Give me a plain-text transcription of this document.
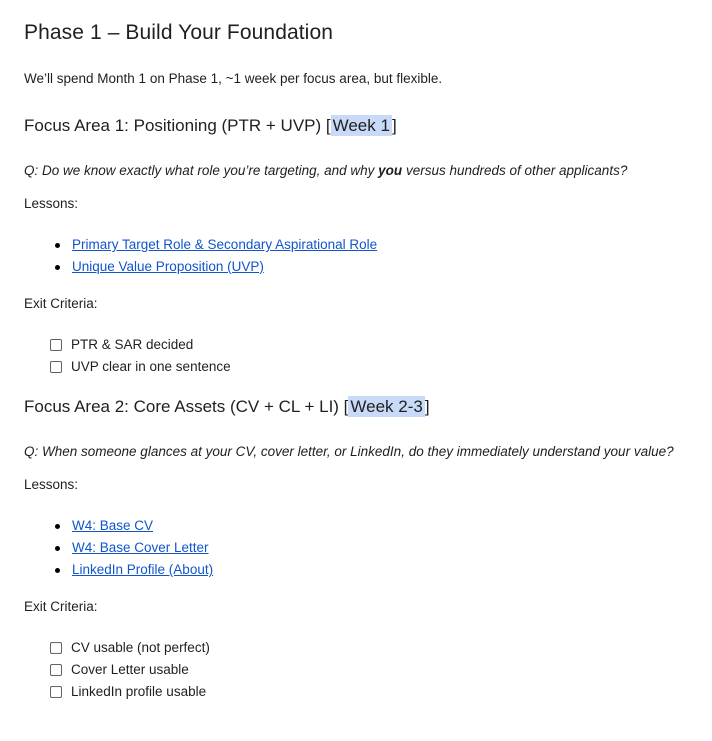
Phase 1 – Build Your Foundation

We’ll spend Month 1 on Phase 1, ~1 week per focus area, but flexible.

Focus Area 1: Positioning (PTR + UVP) [ Week 1 ]

Q: Do we know exactly what role you’re targeting, and why you versus hundreds of other applicants?

Lessons:

Primary Target Role & Secondary Aspirational Role
Unique Value Proposition (UVP)

Exit Criteria:

PTR & SAR decided
UVP clear in one sentence
Focus Area 2: Core Assets (CV + CL + LI) [ Week 2-3 ]

Q: When someone glances at your CV, cover letter, or LinkedIn, do they immediately understand your value?

Lessons:

W4: Base CV
W4: Base Cover Letter
LinkedIn Profile (About)

Exit Criteria:

CV usable (not perfect)
Cover Letter usable
LinkedIn profile usable
